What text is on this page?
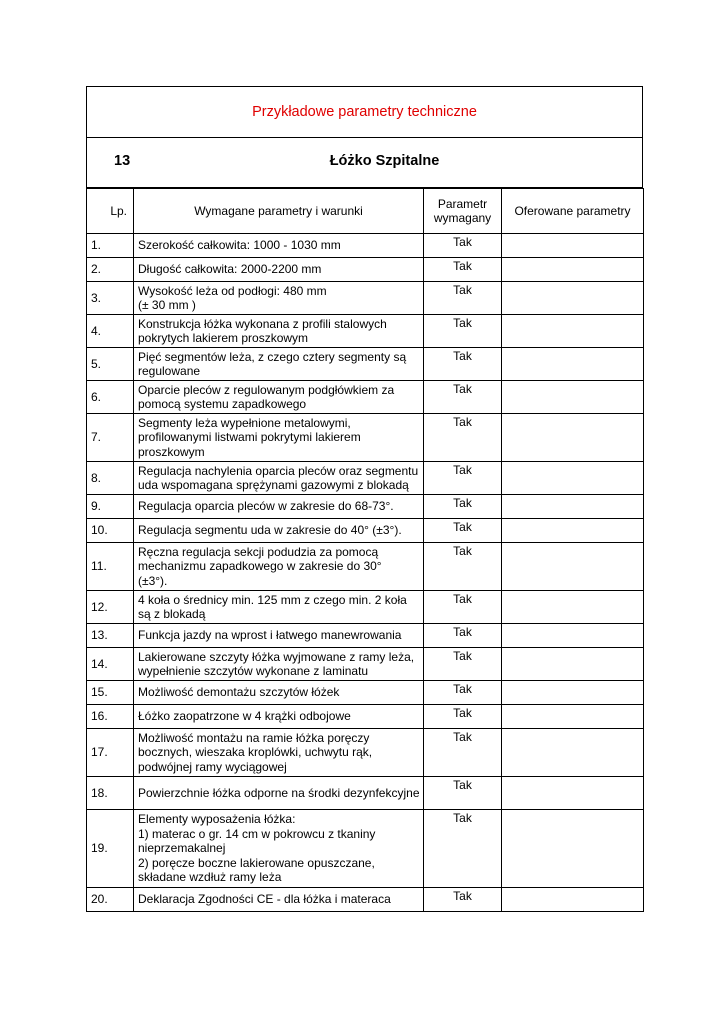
Przykładowe parametry techniczne
13	Łóżko Szpitalne
Lp.	Wymagane parametry i warunki	Parametr wymagany	Oferowane parametry
1.	Szerokość całkowita: 1000 - 1030 mm	Tak	
2.	Długość całkowita: 2000-2200 mm	Tak	
3.	Wysokość leża od podłogi: 480 mm
(± 30 mm )	Tak	
4.	Konstrukcja łóżka wykonana z profili stalowych pokrytych lakierem proszkowym	Tak	
5.	Pięć segmentów leża, z czego cztery segmenty są regulowane	Tak	
6.	Oparcie pleców z regulowanym podgłówkiem za pomocą systemu zapadkowego	Tak	
7.	Segmenty leża wypełnione metalowymi, profilowanymi listwami pokrytymi lakierem proszkowym	Tak	
8.	Regulacja nachylenia oparcia pleców oraz segmentu uda wspomagana sprężynami gazowymi z blokadą	Tak	
9.	Regulacja oparcia pleców w zakresie do 68-73°.	Tak	
10.	Regulacja segmentu uda w zakresie do 40° (±3°).	Tak	
11.	Ręczna regulacja sekcji podudzia za pomocą mechanizmu zapadkowego w zakresie do 30°
(±3°).	Tak	
12.	4 koła o średnicy min. 125 mm z czego min. 2 koła są z blokadą	Tak	
13.	Funkcja jazdy na wprost i łatwego manewrowania	Tak	
14.	Lakierowane szczyty łóżka wyjmowane z ramy leża, wypełnienie szczytów wykonane z laminatu	Tak	
15.	Możliwość demontażu szczytów łóżek	Tak	
16.	Łóżko zaopatrzone w 4 krążki odbojowe	Tak	
17.	Możliwość montażu na ramie łóżka poręczy bocznych, wieszaka kroplówki, uchwytu rąk, podwójnej ramy wyciągowej	Tak	
18.	Powierzchnie łóżka odporne na środki dezynfekcyjne	Tak	
19.	Elementy wyposażenia łóżka:
1) materac o gr. 14 cm w pokrowcu z tkaniny nieprzemakalnej
2) poręcze boczne lakierowane opuszczane, składane wzdłuż ramy leża	Tak	
20.	Deklaracja Zgodności CE - dla łóżka i materaca	Tak	
